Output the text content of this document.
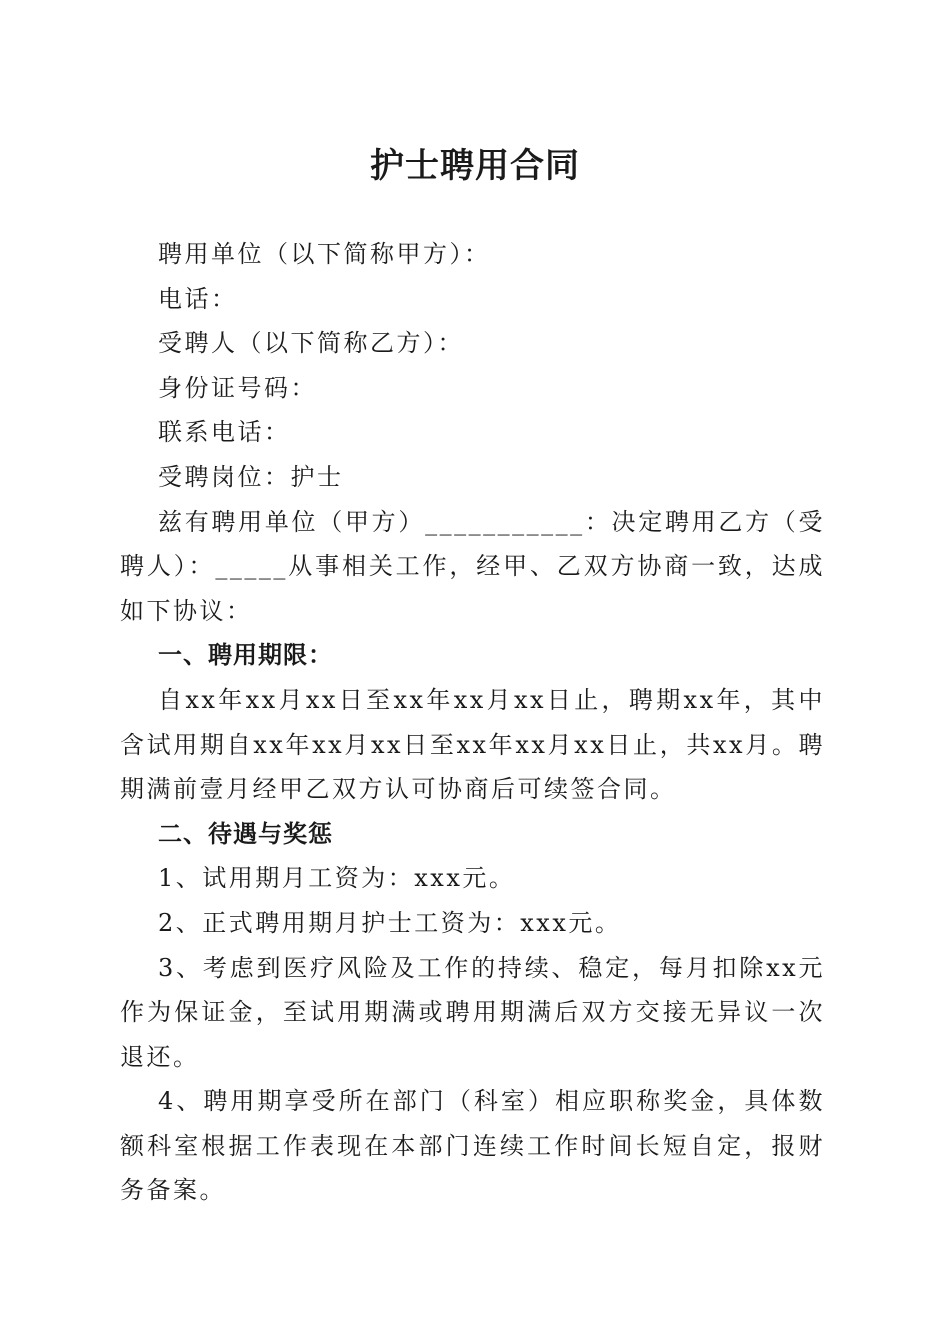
护士聘用合同

聘用单位（以下简称甲方）：

电话：

受聘人（以下简称乙方）：

身份证号码：

联系电话：

受聘岗位：护士

兹有聘用单位（甲方）___________：决定聘用乙方（受聘人）：_____从事相关工作，经甲、乙双方协商一致，达成如下协议：

一、聘用期限：

自xx年xx月xx日至xx年xx月xx日止，聘期xx年，其中含试用期自xx年xx月xx日至xx年xx月xx日止，共xx月。聘期满前壹月经甲乙双方认可协商后可续签合同。

二、待遇与奖惩

1、试用期月工资为：xxx元。

2、正式聘用期月护士工资为：xxx元。

3、考虑到医疗风险及工作的持续、稳定，每月扣除xx元作为保证金，至试用期满或聘用期满后双方交接无异议一次退还。

4、聘用期享受所在部门（科室）相应职称奖金，具体数额科室根据工作表现在本部门连续工作时间长短自定，报财务备案。
